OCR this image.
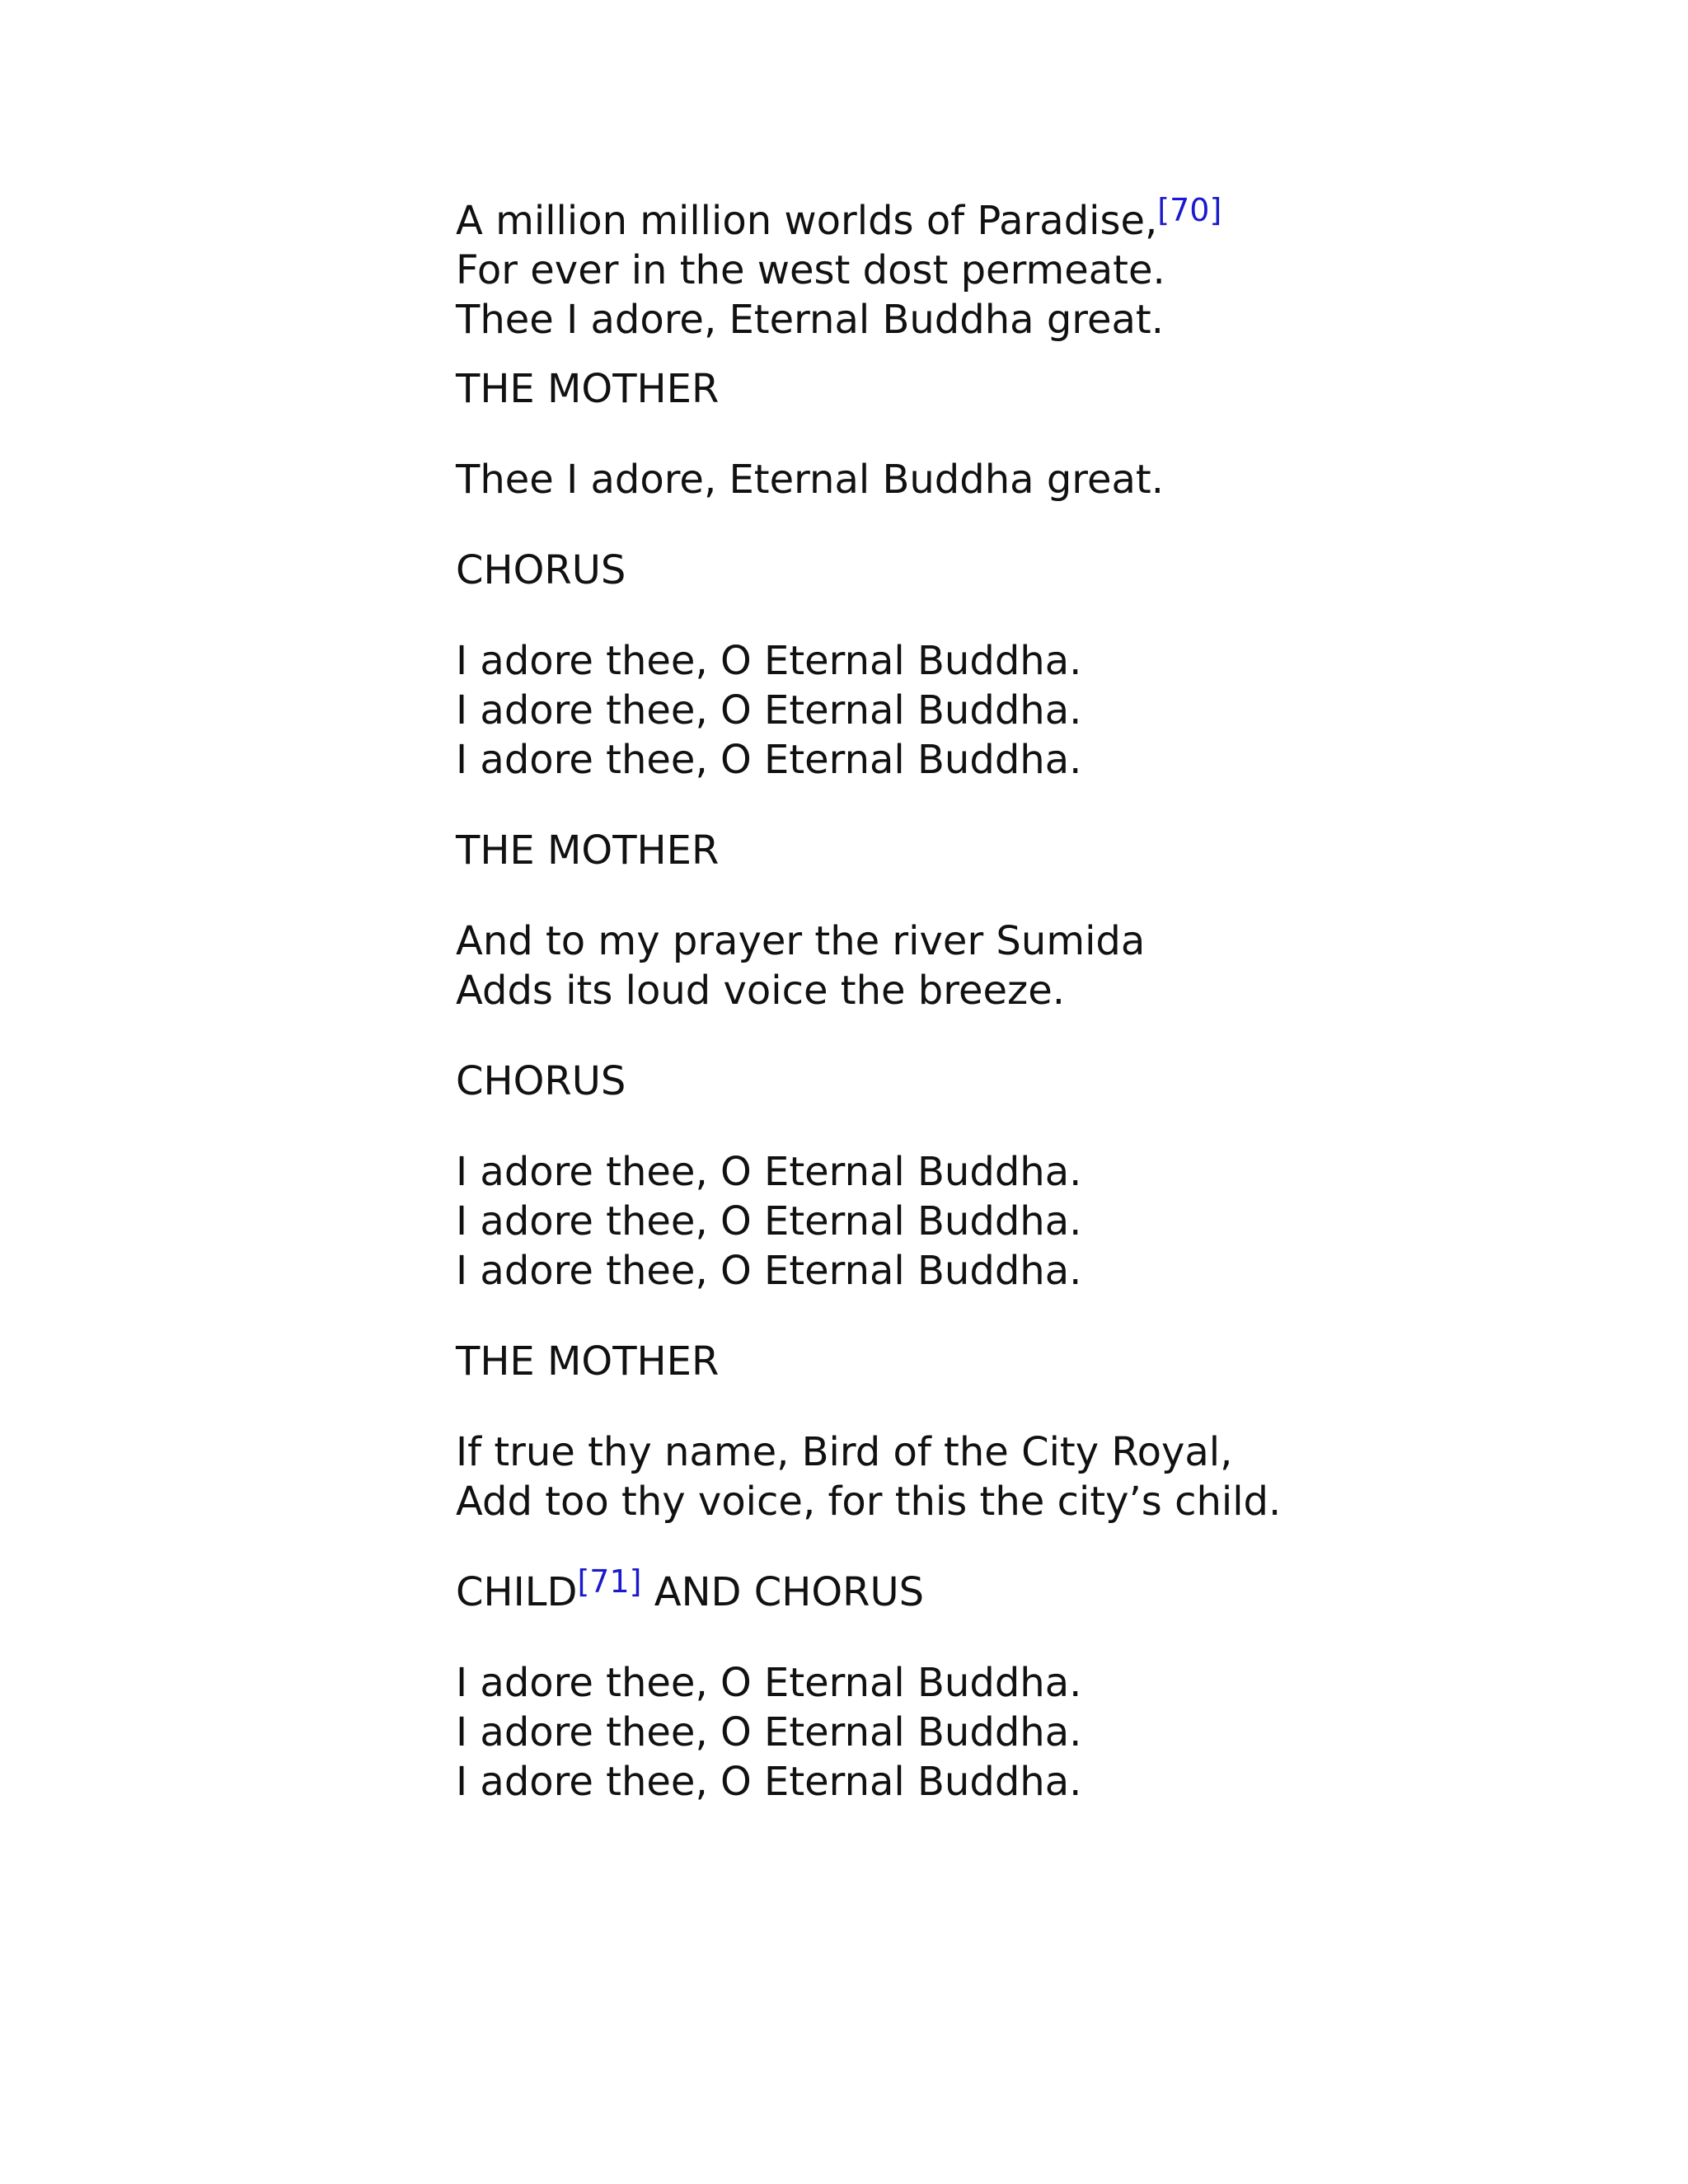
A million million worlds of Paradise,[70]
For ever in the west dost permeate.
Thee I adore, Eternal Buddha great.
THE MOTHER
Thee I adore, Eternal Buddha great.
CHORUS
I adore thee, O Eternal Buddha.
I adore thee, O Eternal Buddha.
I adore thee, O Eternal Buddha.
THE MOTHER
And to my prayer the river Sumida
Adds its loud voice the breeze.
CHORUS
I adore thee, O Eternal Buddha.
I adore thee, O Eternal Buddha.
I adore thee, O Eternal Buddha.
THE MOTHER
If true thy name, Bird of the City Royal,
Add too thy voice, for this the city’s child.
CHILD[71] AND CHORUS
I adore thee, O Eternal Buddha.
I adore thee, O Eternal Buddha.
I adore thee, O Eternal Buddha.
